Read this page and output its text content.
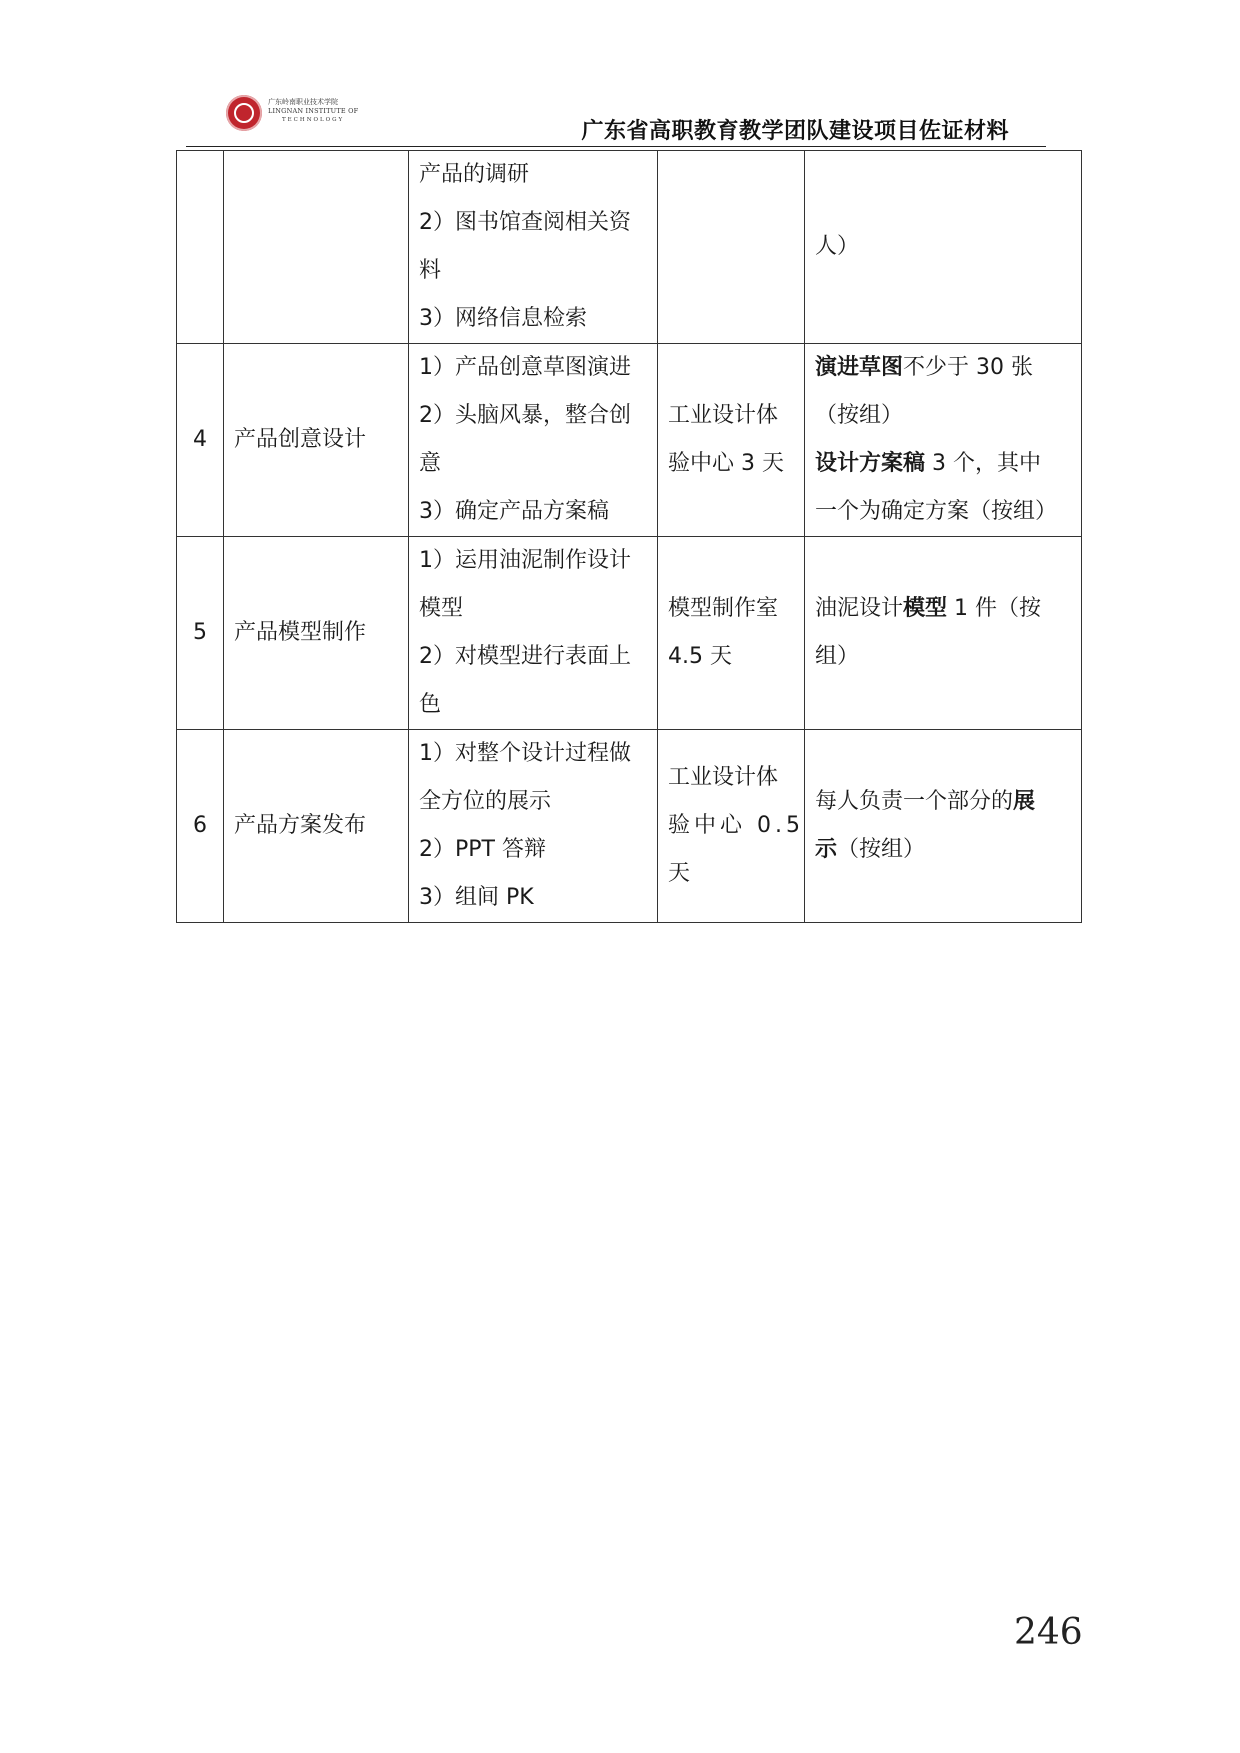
广东岭南职业技术学院
LINGNAN INSTITUTE OF
TECHNOLOGY	广东省高职教育教学团队建设项目佐证材料

		产品的调研
2）图书馆查阅相关资
料
3）网络信息检索		人）

4	产品创意设计	1）产品创意草图演进
2）头脑风暴，整合创
意
3）确定产品方案稿	工业设计体
验中心 3 天	演进草图不少于 30 张
（按组）
设计方案稿 3 个，其中
一个为确定方案（按组）

5	产品模型制作	1）运用油泥制作设计
模型
2）对模型进行表面上
色	模型制作室
4.5 天	油泥设计模型 1 件（按
组）

6	产品方案发布	1）对整个设计过程做
全方位的展示
2）PPT 答辩
3）组间 PK	工业设计体
验中心 0.5
天	每人负责一个部分的展
示（按组）
246
